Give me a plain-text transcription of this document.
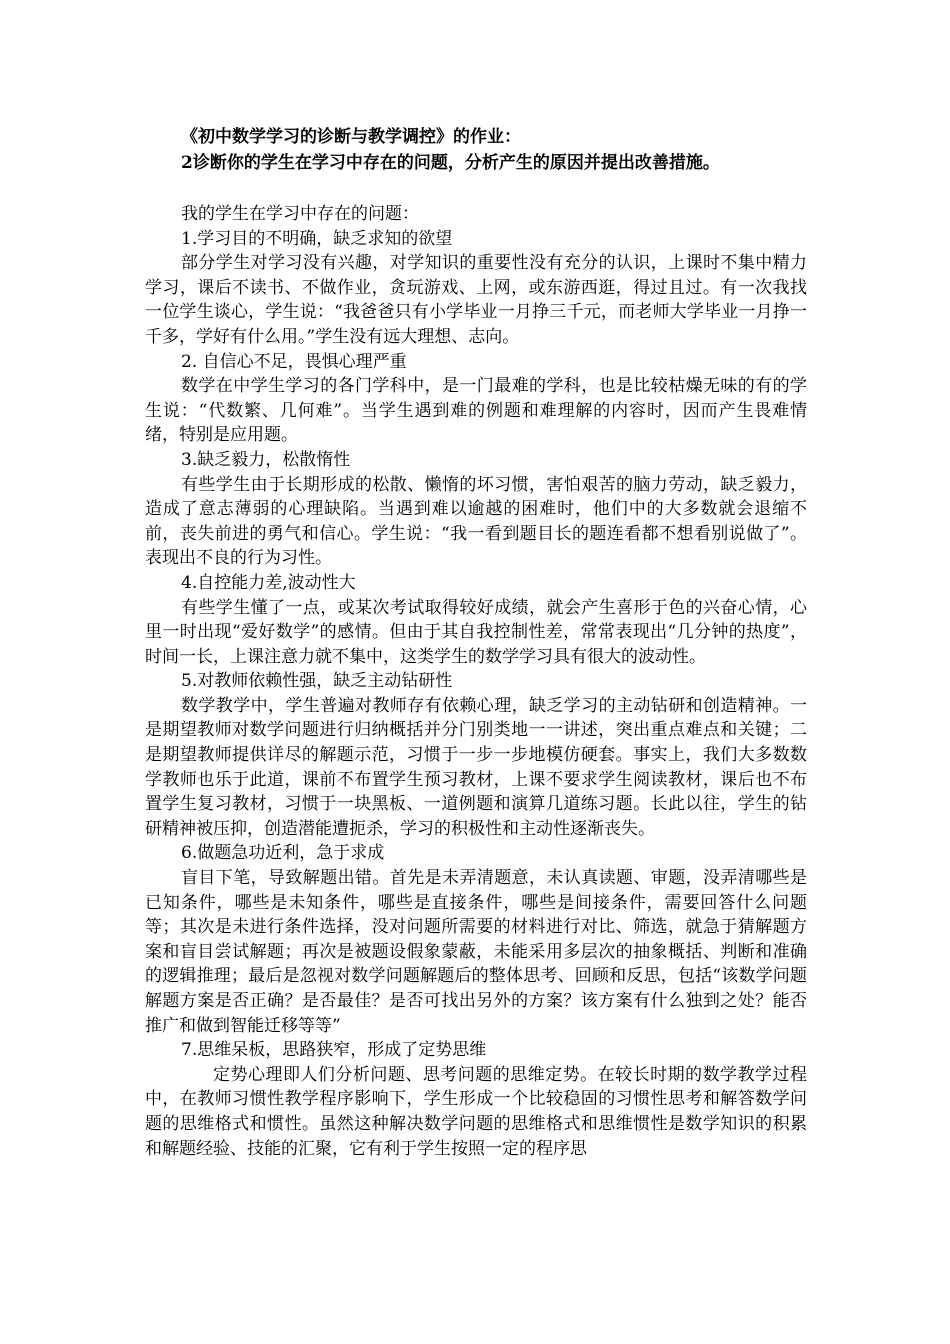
《初中数学学习的诊断与教学调控》的作业：

2诊断你的学生在学习中存在的问题，分析产生的原因并提出改善措施。

我的学生在学习中存在的问题：

1.学习目的不明确，缺乏求知的欲望

部分学生对学习没有兴趣，对学知识的重要性没有充分的认识，上课时不集中精力学习，课后不读书、不做作业，贪玩游戏、上网，或东游西逛，得过且过。有一次我找一位学生谈心，学生说：“我爸爸只有小学毕业一月挣三千元，而老师大学毕业一月挣一千多，学好有什么用。”学生没有远大理想、志向。

2. 自信心不足，畏惧心理严重

数学在中学生学习的各门学科中，是一门最难的学科，也是比较枯燥无味的有的学生说：“代数繁、几何难”。当学生遇到难的例题和难理解的内容时，因而产生畏难情绪，特别是应用题。

3.缺乏毅力，松散惰性

有些学生由于长期形成的松散、懒惰的坏习惯，害怕艰苦的脑力劳动，缺乏毅力，造成了意志薄弱的心理缺陷。当遇到难以逾越的困难时，他们中的大多数就会退缩不前，丧失前进的勇气和信心。学生说：“我一看到题目长的题连看都不想看别说做了”。表现出不良的行为习性。

4.自控能力差,波动性大

有些学生懂了一点，或某次考试取得较好成绩，就会产生喜形于色的兴奋心情，心里一时出现“爱好数学”的感情。但由于其自我控制性差，常常表现出“几分钟的热度”，时间一长，上课注意力就不集中，这类学生的数学学习具有很大的波动性。

5.对教师依赖性强，缺乏主动钻研性

数学教学中，学生普遍对教师存有依赖心理，缺乏学习的主动钻研和创造精神。一是期望教师对数学问题进行归纳概括并分门别类地一一讲述，突出重点难点和关键；二是期望教师提供详尽的解题示范，习惯于一步一步地模仿硬套。事实上，我们大多数数学教师也乐于此道，课前不布置学生预习教材，上课不要求学生阅读教材，课后也不布置学生复习教材，习惯于一块黑板、一道例题和演算几道练习题。长此以往，学生的钻研精神被压抑，创造潜能遭扼杀，学习的积极性和主动性逐渐丧失。

6.做题急功近利，急于求成

盲目下笔，导致解题出错。首先是未弄清题意，未认真读题、审题，没弄清哪些是已知条件，哪些是未知条件，哪些是直接条件，哪些是间接条件，需要回答什么问题等；其次是未进行条件选择，没对问题所需要的材料进行对比、筛选，就急于猜解题方案和盲目尝试解题；再次是被题设假象蒙蔽，未能采用多层次的抽象概括、判断和准确的逻辑推理；最后是忽视对数学问题解题后的整体思考、回顾和反思，包括“该数学问题解题方案是否正确？是否最佳？是否可找出另外的方案？该方案有什么独到之处？能否推广和做到智能迁移等等”

7.思维呆板，思路狭窄，形成了定势思维

定势心理即人们分析问题、思考问题的思维定势。在较长时期的数学教学过程中，在教师习惯性教学程序影响下，学生形成一个比较稳固的习惯性思考和解答数学问题的思维格式和惯性。虽然这种解决数学问题的思维格式和思维惯性是数学知识的积累和解题经验、技能的汇聚，它有利于学生按照一定的程序思
